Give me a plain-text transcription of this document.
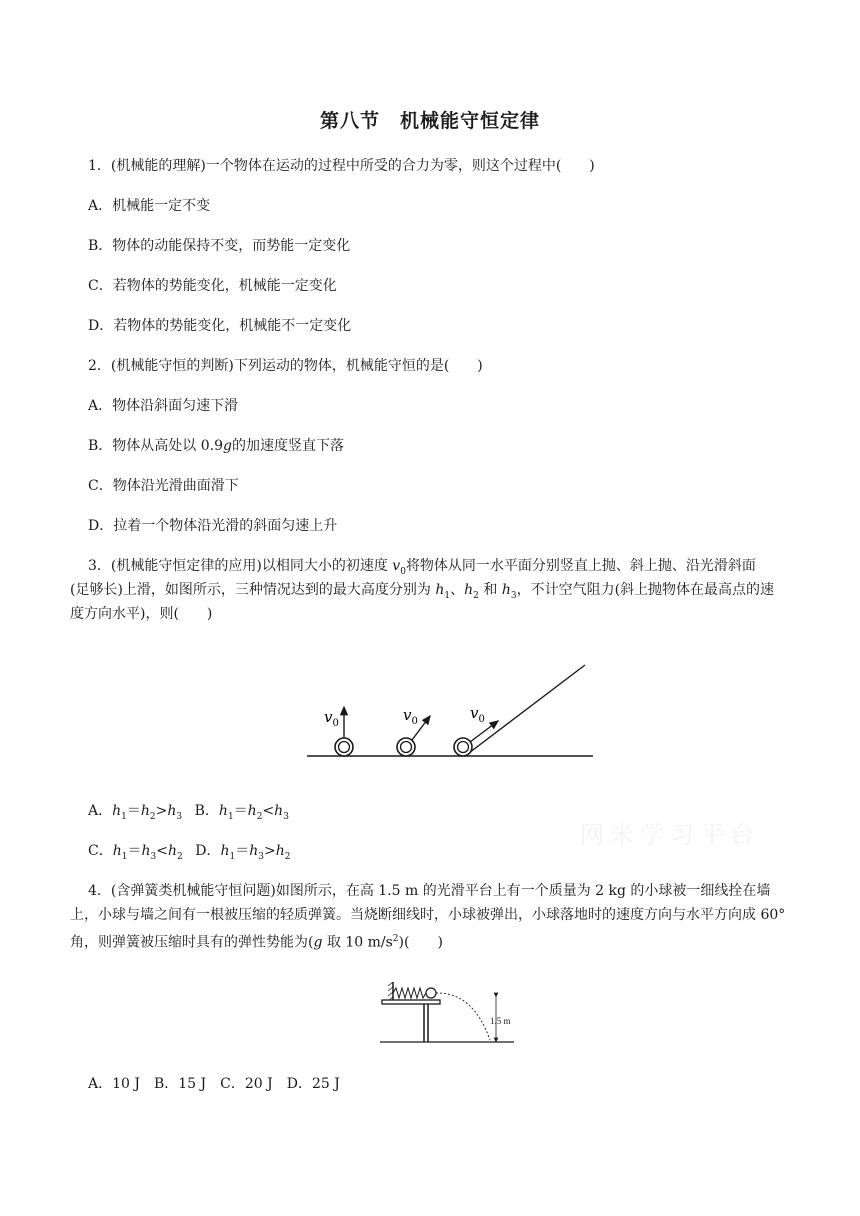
第八节　机械能守恒定律
1．(机械能的理解)一个物体在运动的过程中所受的合力为零，则这个过程中(　　)
A．机械能一定不变
B．物体的动能保持不变，而势能一定变化
C．若物体的势能变化，机械能一定变化
D．若物体的势能变化，机械能不一定变化
2．(机械能守恒的判断)下列运动的物体，机械能守恒的是(　　)
A．物体沿斜面匀速下滑
B．物体从高处以 0.9g的加速度竖直下落
C．物体沿光滑曲面滑下
D．拉着一个物体沿光滑的斜面匀速上升
3．(机械能守恒定律的应用)以相同大小的初速度 $v_0$将物体从同一水平面分别竖直上抛、斜上抛、沿光滑斜面
(足够长)上滑，如图所示，三种情况达到的最大高度分别为 $h_1$、$h_2$ 和 $h_3$，不计空气阻力(斜上抛物体在最高点的速
度方向水平)，则(　　)
$v_0$	$v_0$	$v_0$
A．$h_1=h_2>h_3$ B．$h_1=h_2<h_3$
C．$h_1=h_3<h_2$ D．$h_1=h_3>h_2$
网米学习平台
4．(含弹簧类机械能守恒问题)如图所示，在高 1.5 m 的光滑平台上有一个质量为 2 kg 的小球被一细线拴在墙
上，小球与墙之间有一根被压缩的轻质弹簧。当烧断细线时，小球被弹出，小球落地时的速度方向与水平方向成 60°
角，则弹簧被压缩时具有的弹性势能为(g 取 10 $m/s^2$)(　　)
1.5 m
A．10 J　B．15 J　C．20 J　D．25 J
